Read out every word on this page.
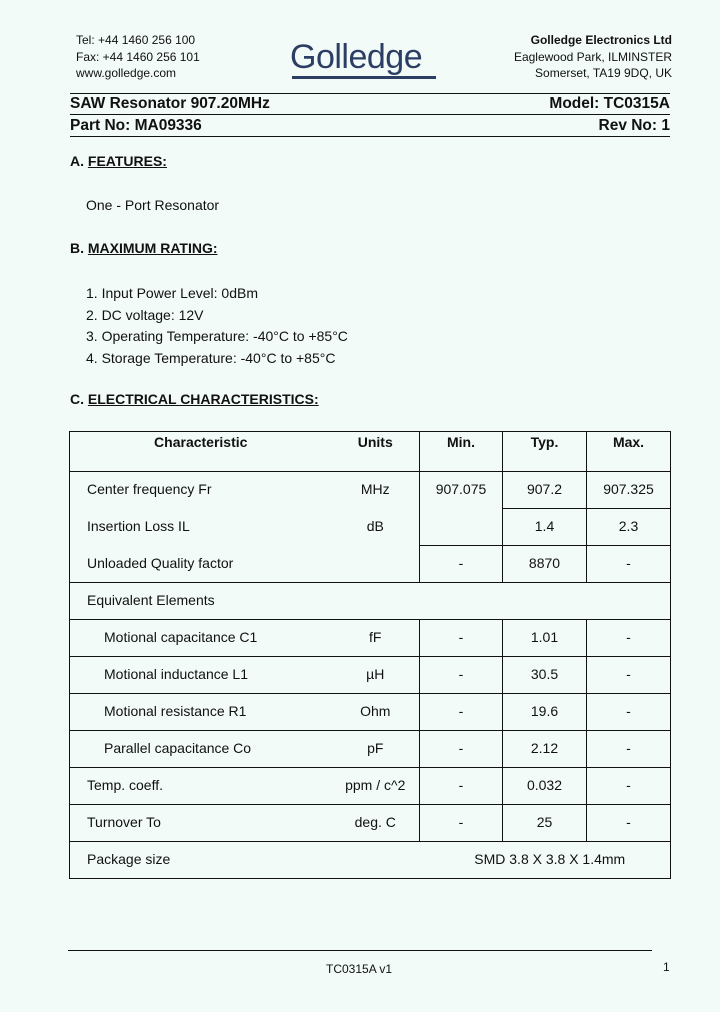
Tel: +44 1460 256 100
Fax: +44 1460 256 101
www.golledge.com	Golledge	Golledge Electronics Ltd
Eaglewood Park, ILMINSTER
Somerset, TA19 9DQ, UK
SAW Resonator 907.20MHz	Model: TC0315A
Part No: MA09336	Rev No: 1
A. FEATURES:
One - Port Resonator
B. MAXIMUM RATING:
1. Input Power Level: 0dBm
2. DC voltage: 12V
3. Operating Temperature: -40°C to +85°C
4. Storage Temperature: -40°C to +85°C
C. ELECTRICAL CHARACTERISTICS:
Characteristic	Units	Min.	Typ.	Max.
Center frequency Fr	MHz	907.075	907.2	907.325
Insertion Loss IL	dB		1.4	2.3
Unloaded Quality factor		-	8870	-
Equivalent Elements				
Motional capacitance C1	fF	-	1.01	-
Motional inductance L1	µH	-	30.5	-
Motional resistance R1	Ohm	-	19.6	-
Parallel capacitance Co	pF	-	2.12	-
Temp. coeff.	ppm / c^2	-	0.032	-
Turnover To	deg. C	-	25	-
Package size		SMD 3.8 X 3.8 X 1.4mm		
TC0315A v1	1
